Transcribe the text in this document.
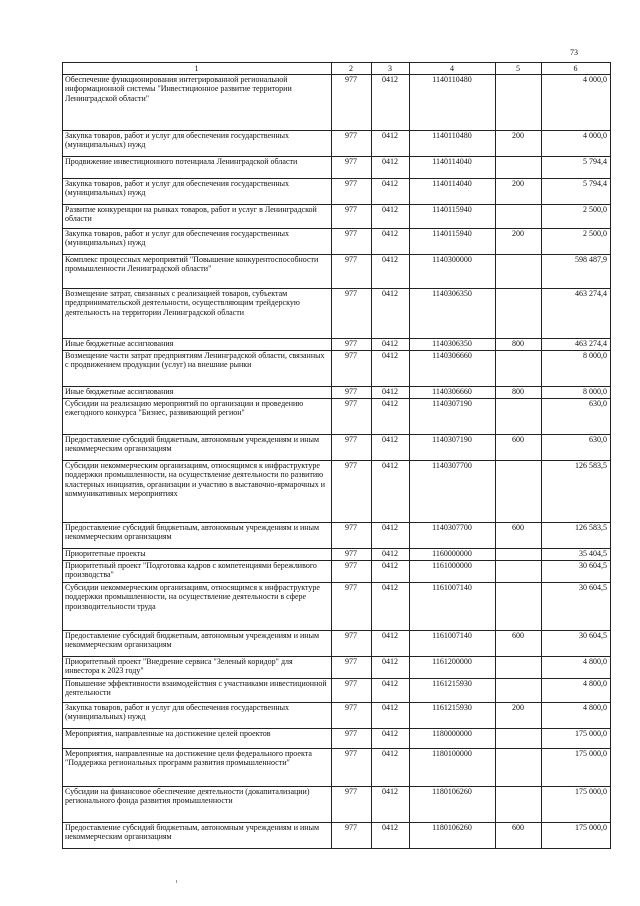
73
1	2	3	4	5	6
Обеспечение функционирования интегрированной региональной информационной системы "Инвестиционное развитие территории Ленинградской области"	977	0412	1140110480		4 000,0
Закупка товаров, работ и услуг для обеспечения государственных (муниципальных) нужд	977	0412	1140110480	200	4 000,0
Продвижение инвестиционного потенциала Ленинградской области	977	0412	1140114040		5 794,4
Закупка товаров, работ и услуг для обеспечения государственных (муниципальных) нужд	977	0412	1140114040	200	5 794,4
Развитие конкуренции на рынках товаров, работ и услуг в Ленинградской области	977	0412	1140115940		2 500,0
Закупка товаров, работ и услуг для обеспечения государственных (муниципальных) нужд	977	0412	1140115940	200	2 500,0
Комплекс процессных мероприятий "Повышение конкурентоспособности промышленности Ленинградской области"	977	0412	1140300000		598 487,9
Возмещение затрат, связанных с реализацией товаров, субъектам предпринимательской деятельности, осуществляющим трейдерскую деятельность на территории Ленинградской области	977	0412	1140306350		463 274,4
Иные бюджетные ассигнования	977	0412	1140306350	800	463 274,4
Возмещение части затрат предприятиям Ленинградской области, связанных с продвижением продукции (услуг) на внешние рынки	977	0412	1140306660		8 000,0
Иные бюджетные ассигнования	977	0412	1140306660	800	8 000,0
Субсидии на реализацию мероприятий по организации и проведению ежегодного конкурса "Бизнес, развивающий регион"	977	0412	1140307190		630,0
Предоставление субсидий бюджетным, автономным учреждениям и иным некоммерческим организациям	977	0412	1140307190	600	630,0
Субсидии некоммерческим организациям, относящимся к инфраструктуре поддержки промышленности, на осуществление деятельности по развитию кластерных инициатив, организации и участию в выставочно-ярмарочных и коммуникативных мероприятиях	977	0412	1140307700		126 583,5
Предоставление субсидий бюджетным, автономным учреждениям и иным некоммерческим организациям	977	0412	1140307700	600	126 583,5
Приоритетные проекты	977	0412	1160000000		35 404,5
Приоритетный проект "Подготовка кадров с компетенциями бережливого производства"	977	0412	1161000000		30 604,5
Субсидии некоммерческим организациям, относящимся к инфраструктуре поддержки промышленности, на осуществление деятельности в сфере производительности труда	977	0412	1161007140		30 604,5
Предоставление субсидий бюджетным, автономным учреждениям и иным некоммерческим организациям	977	0412	1161007140	600	30 604,5
Приоритетный проект "Внедрение сервиса "Зеленый коридор" для инвестора к 2023 году"	977	0412	1161200000		4 800,0
Повышение эффективности взаимодействия с участниками инвестиционной деятельности	977	0412	1161215930		4 800,0
Закупка товаров, работ и услуг для обеспечения государственных (муниципальных) нужд	977	0412	1161215930	200	4 800,0
Мероприятия, направленные на достижение целей проектов	977	0412	1180000000		175 000,0
Мероприятия, направленные на достижение цели федерального проекта "Поддержка региональных программ развития промышленности"	977	0412	1180100000		175 000,0
Субсидии на финансовое обеспечение деятельности (докапитализации) регионального фонда развития промышленности	977	0412	1180106260		175 000,0
Предоставление субсидий бюджетным, автономным учреждениям и иным некоммерческим организациям	977	0412	1180106260	600	175 000,0
